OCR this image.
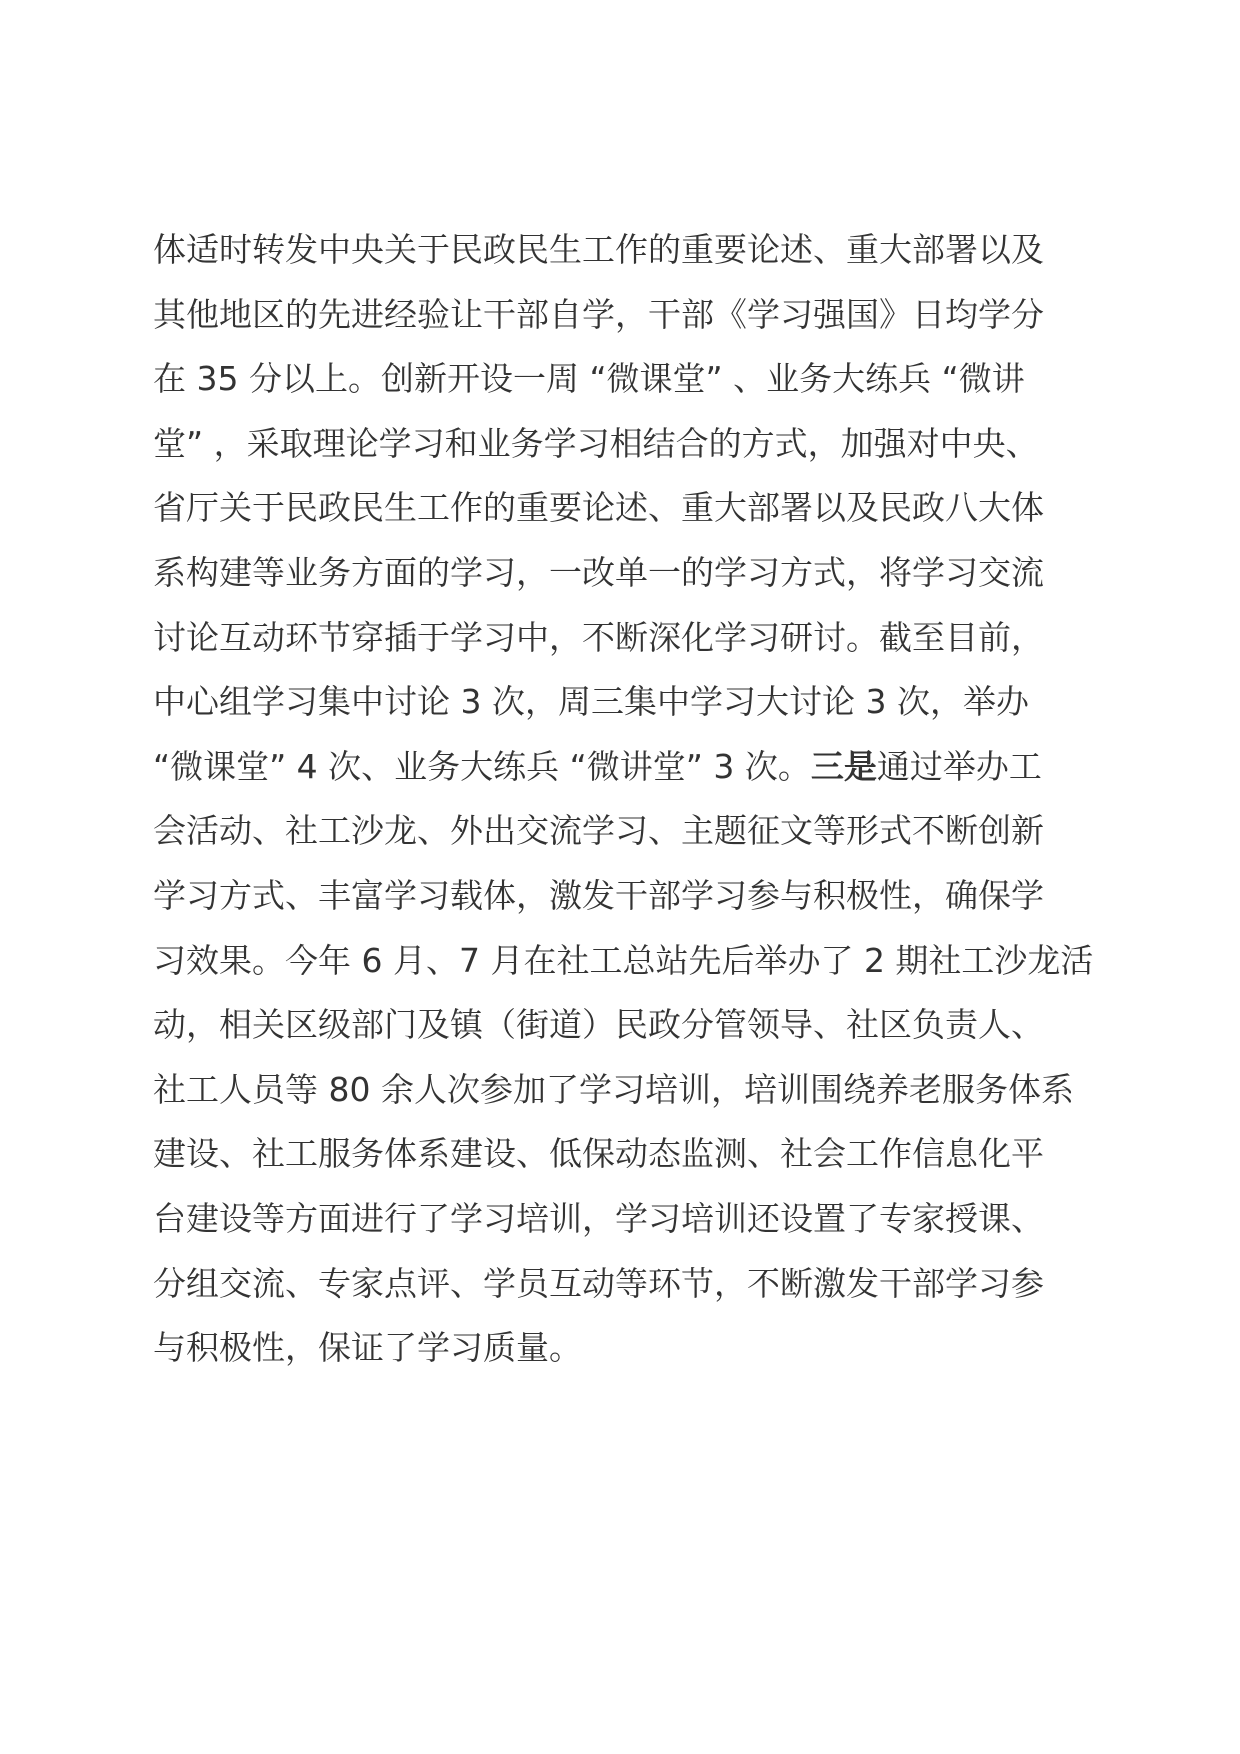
体适时转发中央关于民政民生工作的重要论述、重大部署以及
其他地区的先进经验让干部自学，干部《学习强国》日均学分
在 35 分以上。创新开设一周 “微课堂” 、业务大练兵 “微讲
堂” ，采取理论学习和业务学习相结合的方式，加强对中央、
省厅关于民政民生工作的重要论述、重大部署以及民政八大体
系构建等业务方面的学习，一改单一的学习方式，将学习交流
讨论互动环节穿插于学习中，不断深化学习研讨。截至目前，
中心组学习集中讨论 3 次，周三集中学习大讨论 3 次，举办
“微课堂” 4 次、业务大练兵 “微讲堂” 3 次。三是通过举办工
会活动、社工沙龙、外出交流学习、主题征文等形式不断创新
学习方式、丰富学习载体，激发干部学习参与积极性，确保学
习效果。今年 6 月、7 月在社工总站先后举办了 2 期社工沙龙活
动，相关区级部门及镇（街道）民政分管领导、社区负责人、
社工人员等 80 余人次参加了学习培训，培训围绕养老服务体系
建设、社工服务体系建设、低保动态监测、社会工作信息化平
台建设等方面进行了学习培训，学习培训还设置了专家授课、
分组交流、专家点评、学员互动等环节，不断激发干部学习参
与积极性，保证了学习质量。
